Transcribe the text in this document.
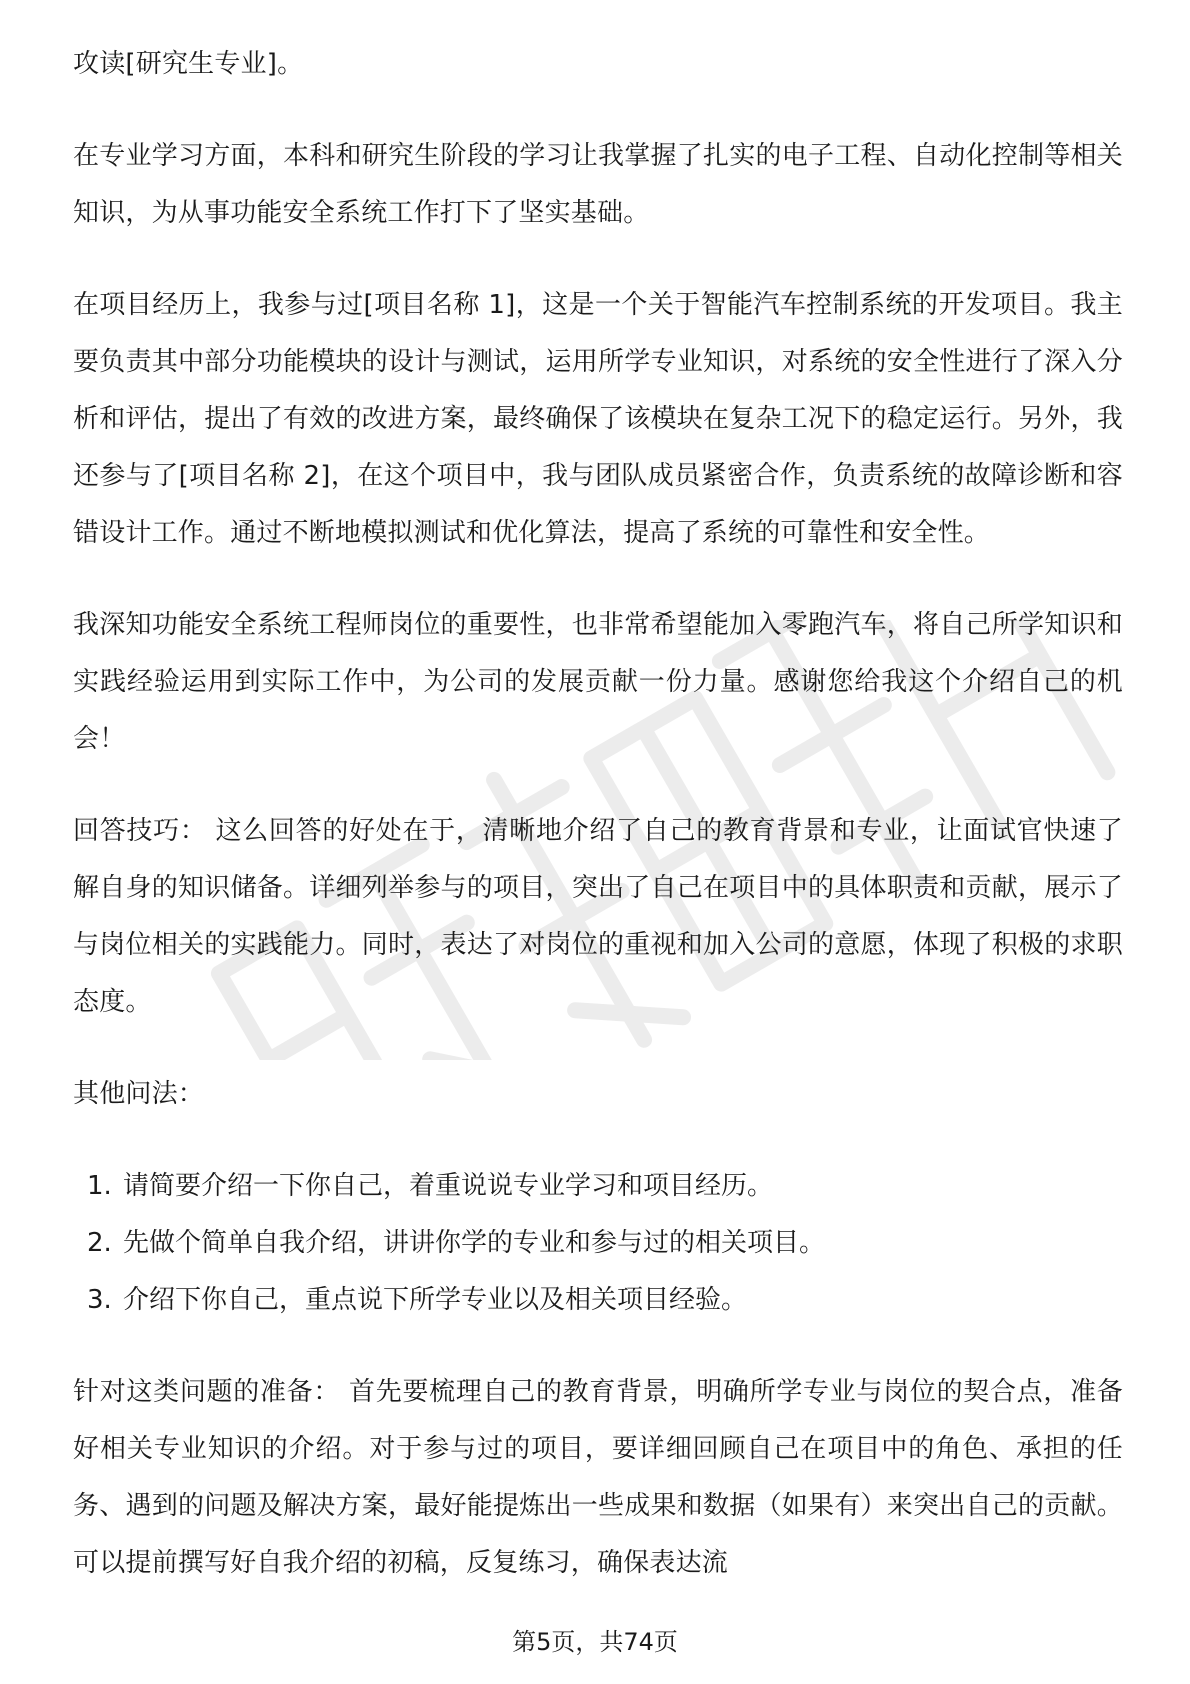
攻读[研究生专业]。

在专业学习方面，本科和研究生阶段的学习让我掌握了扎实的电子工程、自动化控制等相关知识，为从事功能安全系统工作打下了坚实基础。

在项目经历上，我参与过[项目名称 1]，这是一个关于智能汽车控制系统的开发项目。我主要负责其中部分功能模块的设计与测试，运用所学专业知识，对系统的安全性进行了深入分析和评估，提出了有效的改进方案，最终确保了该模块在复杂工况下的稳定运行。另外，我还参与了[项目名称 2]，在这个项目中，我与团队成员紧密合作，负责系统的故障诊断和容错设计工作。通过不断地模拟测试和优化算法，提高了系统的可靠性和安全性。

我深知功能安全系统工程师岗位的重要性，也非常希望能加入零跑汽车，将自己所学知识和实践经验运用到实际工作中，为公司的发展贡献一份力量。感谢您给我这个介绍自己的机会！

回答技巧： 这么回答的好处在于，清晰地介绍了自己的教育背景和专业，让面试官快速了解自身的知识储备。详细列举参与的项目，突出了自己在项目中的具体职责和贡献，展示了与岗位相关的实践能力。同时，表达了对岗位的重视和加入公司的意愿，体现了积极的求职态度。

其他问法：

1. 请简要介绍一下你自己，着重说说专业学习和项目经历。
2. 先做个简单自我介绍，讲讲你学的专业和参与过的相关项目。
3. 介绍下你自己，重点说下所学专业以及相关项目经验。

针对这类问题的准备： 首先要梳理自己的教育背景，明确所学专业与岗位的契合点，准备好相关专业知识的介绍。对于参与过的项目，要详细回顾自己在项目中的角色、承担的任务、遇到的问题及解决方案，最好能提炼出一些成果和数据（如果有）来突出自己的贡献。可以提前撰写好自我介绍的初稿，反复练习，确保表达流

第5页，共74页
